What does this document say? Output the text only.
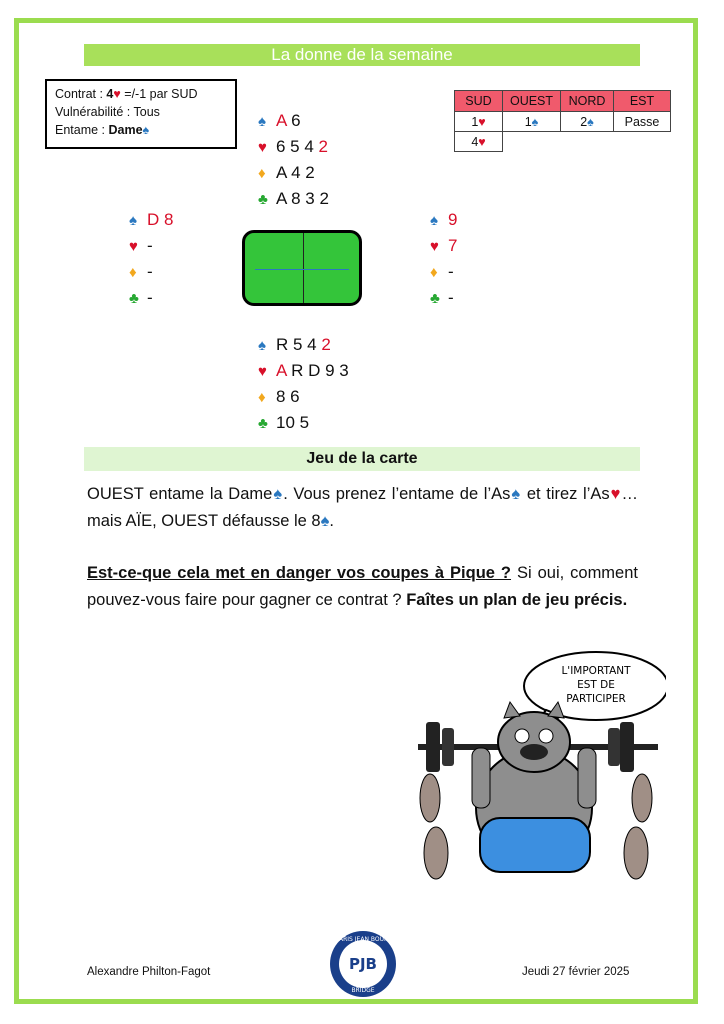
La donne de la semaine
Contrat : 4♥ =/-1 par SUD
Vulnérabilité : Tous
Entame : Dame♠
SUD	OUEST	NORD	EST
1♥	1♠	2♠	Passe
4♥			
♠ A 6
♥ 6 5 4 2
♦ A 4 2
♣ A 8 3 2
♠ D 8
♥ -
♦ -
♣ -
♠ 9
♥ 7
♦ -
♣ -
♠ R 5 4 2
♥ A R D 9 3
♦ 8 6
♣ 10 5
Jeu de la carte
OUEST entame la Dame♠. Vous prenez l’entame de l’As♠ et tirez l’As♥… mais AÏE, OUEST défausse le 8♠.
Est-ce-que cela met en danger vos coupes à Pique ? Si oui, comment pouvez-vous faire pour gagner ce contrat ? Faîtes un plan de jeu précis.
L'IMPORTANT
EST DE
PARTICIPER
Alexandre Philton-Fagot	Jeudi 27 février 2025
PARIS JEAN BOUIN
PJB
BRIDGE
